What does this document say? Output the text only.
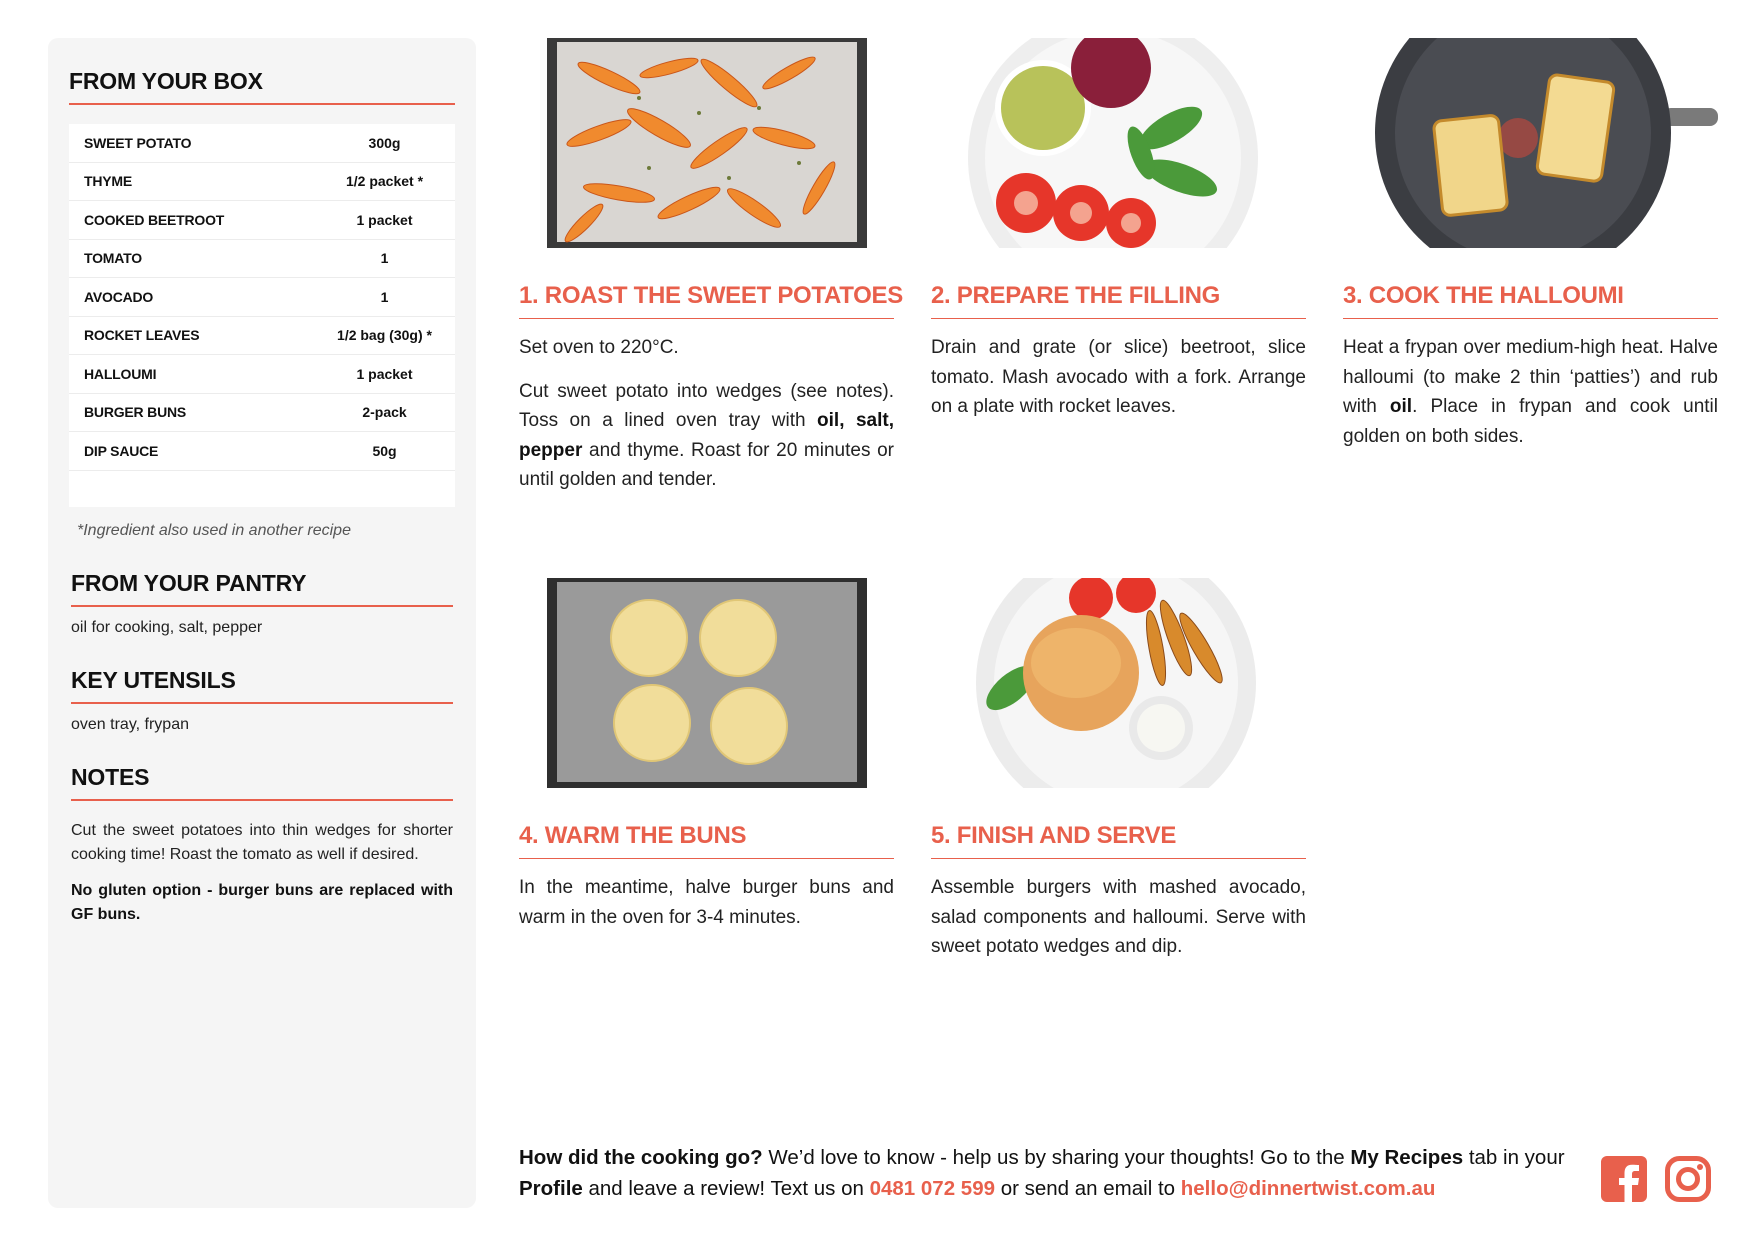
FROM YOUR BOX
SWEET POTATO	300g
THYME	1/2 packet *
COOKED BEETROOT	1 packet
TOMATO	1
AVOCADO	1
ROCKET LEAVES	1/2 bag (30g) *
HALLOUMI	1 packet
BURGER BUNS	2-pack
DIP SAUCE	50g

*Ingredient also used in another recipe
FROM YOUR PANTRY
oil for cooking, salt, pepper
KEY UTENSILS
oven tray, frypan
NOTES
Cut the sweet potatoes into thin wedges for shorter cooking time! Roast the tomato as well if desired.
No gluten option - burger buns are replaced with GF buns.
1. ROAST THE SWEET POTATOES

Set oven to 220°C.

Cut sweet potato into wedges (see notes). Toss on a lined oven tray with oil, salt, pepper and thyme. Roast for 20 minutes or until golden and tender.

2. PREPARE THE FILLING

Drain and grate (or slice) beetroot, slice tomato. Mash avocado with a fork. Arrange on a plate with rocket leaves.

3. COOK THE HALLOUMI

Heat a frypan over medium-high heat. Halve halloumi (to make 2 thin ‘patties’) and rub with oil. Place in frypan and cook until golden on both sides.

4. WARM THE BUNS

In the meantime, halve burger buns and warm in the oven for 3-4 minutes.

5. FINISH AND SERVE

Assemble burgers with mashed avocado, salad components and halloumi. Serve with sweet potato wedges and dip.

How did the cooking go? We’d love to know - help us by sharing your thoughts! Go to the My Recipes tab in your Profile and leave a review! Text us on 0481 072 599 or send an email to hello@dinnertwist.com.au
